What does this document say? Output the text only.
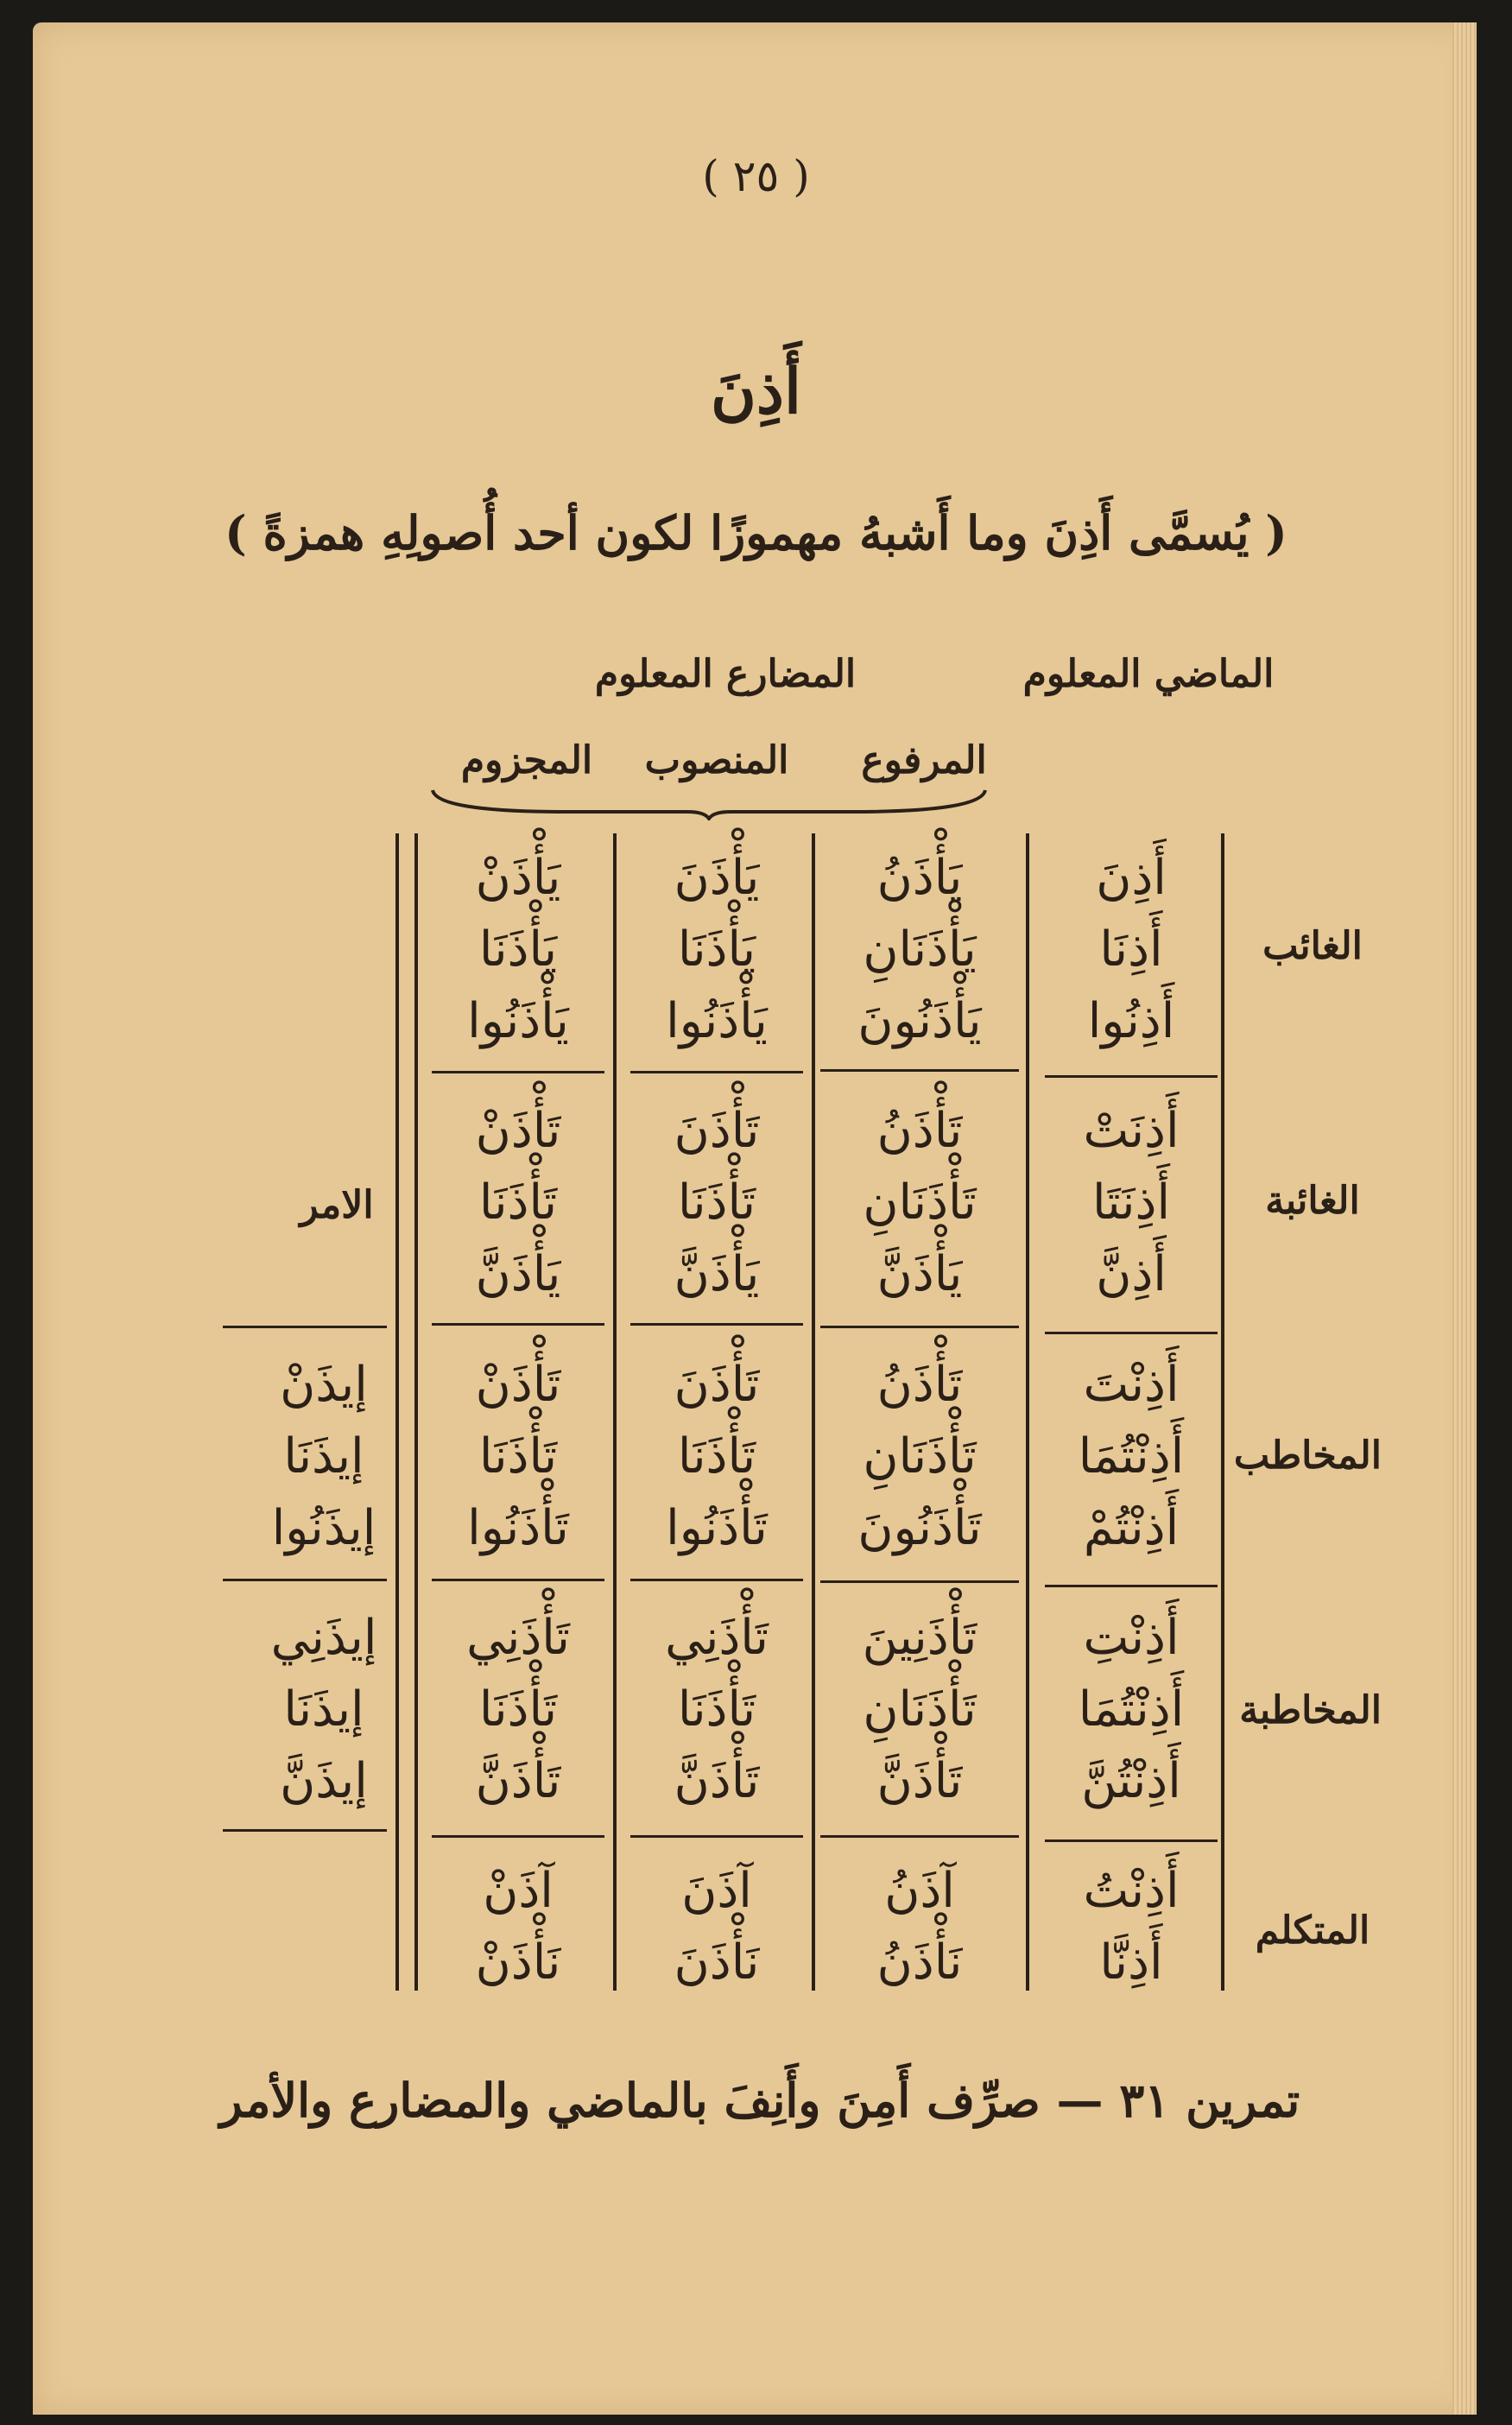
( ٢٥ )
أَذِنَ
( يُسمَّى أَذِنَ وما أَشبهُ مهموزًا لكون أحد أُصولِهِ همزةً )
الماضي المعلوم
المضارع المعلوم
المرفوع
المنصوب
المجزوم
الامر
الغائب
أَذِنَ
أَذِنَا
أَذِنُوا
يَأْذَنُ
يَأْذَنَانِ
يَأْذَنُونَ
يَأْذَنَ
يَأْذَنَا
يَأْذَنُوا
يَأْذَنْ
يَأْذَنَا
يَأْذَنُوا
الغائبة
أَذِنَتْ
أَذِنَتَا
أَذِنَّ
تَأْذَنُ
تَأْذَنَانِ
يَأْذَنَّ
تَأْذَنَ
تَأْذَنَا
يَأْذَنَّ
تَأْذَنْ
تَأْذَنَا
يَأْذَنَّ
المخاطب
أَذِنْتَ
أَذِنْتُمَا
أَذِنْتُمْ
تَأْذَنُ
تَأْذَنَانِ
تَأْذَنُونَ
تَأْذَنَ
تَأْذَنَا
تَأْذَنُوا
تَأْذَنْ
تَأْذَنَا
تَأْذَنُوا
إيذَنْ
إيذَنَا
إيذَنُوا
المخاطبة
أَذِنْتِ
أَذِنْتُمَا
أَذِنْتُنَّ
تَأْذَنِينَ
تَأْذَنَانِ
تَأْذَنَّ
تَأْذَنِي
تَأْذَنَا
تَأْذَنَّ
تَأْذَنِي
تَأْذَنَا
تَأْذَنَّ
إيذَنِي
إيذَنَا
إيذَنَّ
المتكلم
أَذِنْتُ
أَذِنَّا
آذَنُ
نَأْذَنُ
آذَنَ
نَأْذَنَ
آذَنْ
نَأْذَنْ
تمرين ٣١ — صرِّف أَمِنَ وأَنِفَ بالماضي والمضارع والأمر
